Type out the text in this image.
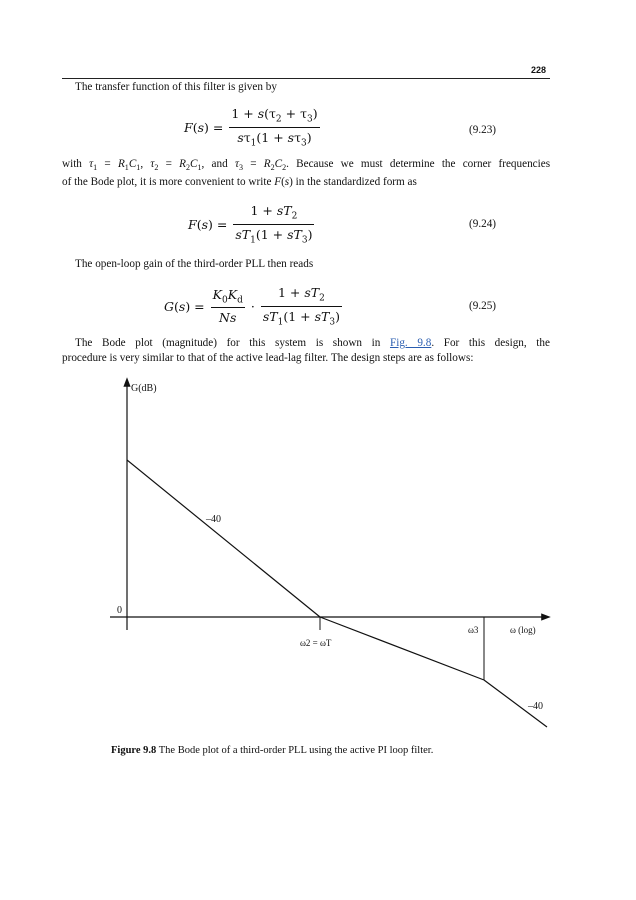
228
The transfer function of this filter is given by
$F(s) = \frac{1 + s(\tau_2 + \tau_3)}{s\tau_1(1 + s\tau_3)}$	(9.23)
with $\tau_1 = R_1C_1$, $\tau_2 = R_2C_1$, and $\tau_3 = R_2C_2$. Because we must determine the corner frequencies
of the Bode plot, it is more convenient to write F(s) in the standardized form as
$F(s) = \frac{1 + sT_2}{sT_1(1 + sT_3)}$	(9.24)
The open-loop gain of the third-order PLL then reads
$G(s) = \frac{K_0K_d}{Ns} \cdot \frac{1 + sT_2}{sT_1(1 + sT_3)}$	(9.25)
The Bode plot (magnitude) for this system is shown in Fig. 9.8. For this design, the
procedure is very similar to that of the active lead-lag filter. The design steps are as follows:
G(dB)
0
–40
ω2 = ωT
ω3	ω (log)
–40
Figure 9.8 The Bode plot of a third-order PLL using the active PI loop filter.
